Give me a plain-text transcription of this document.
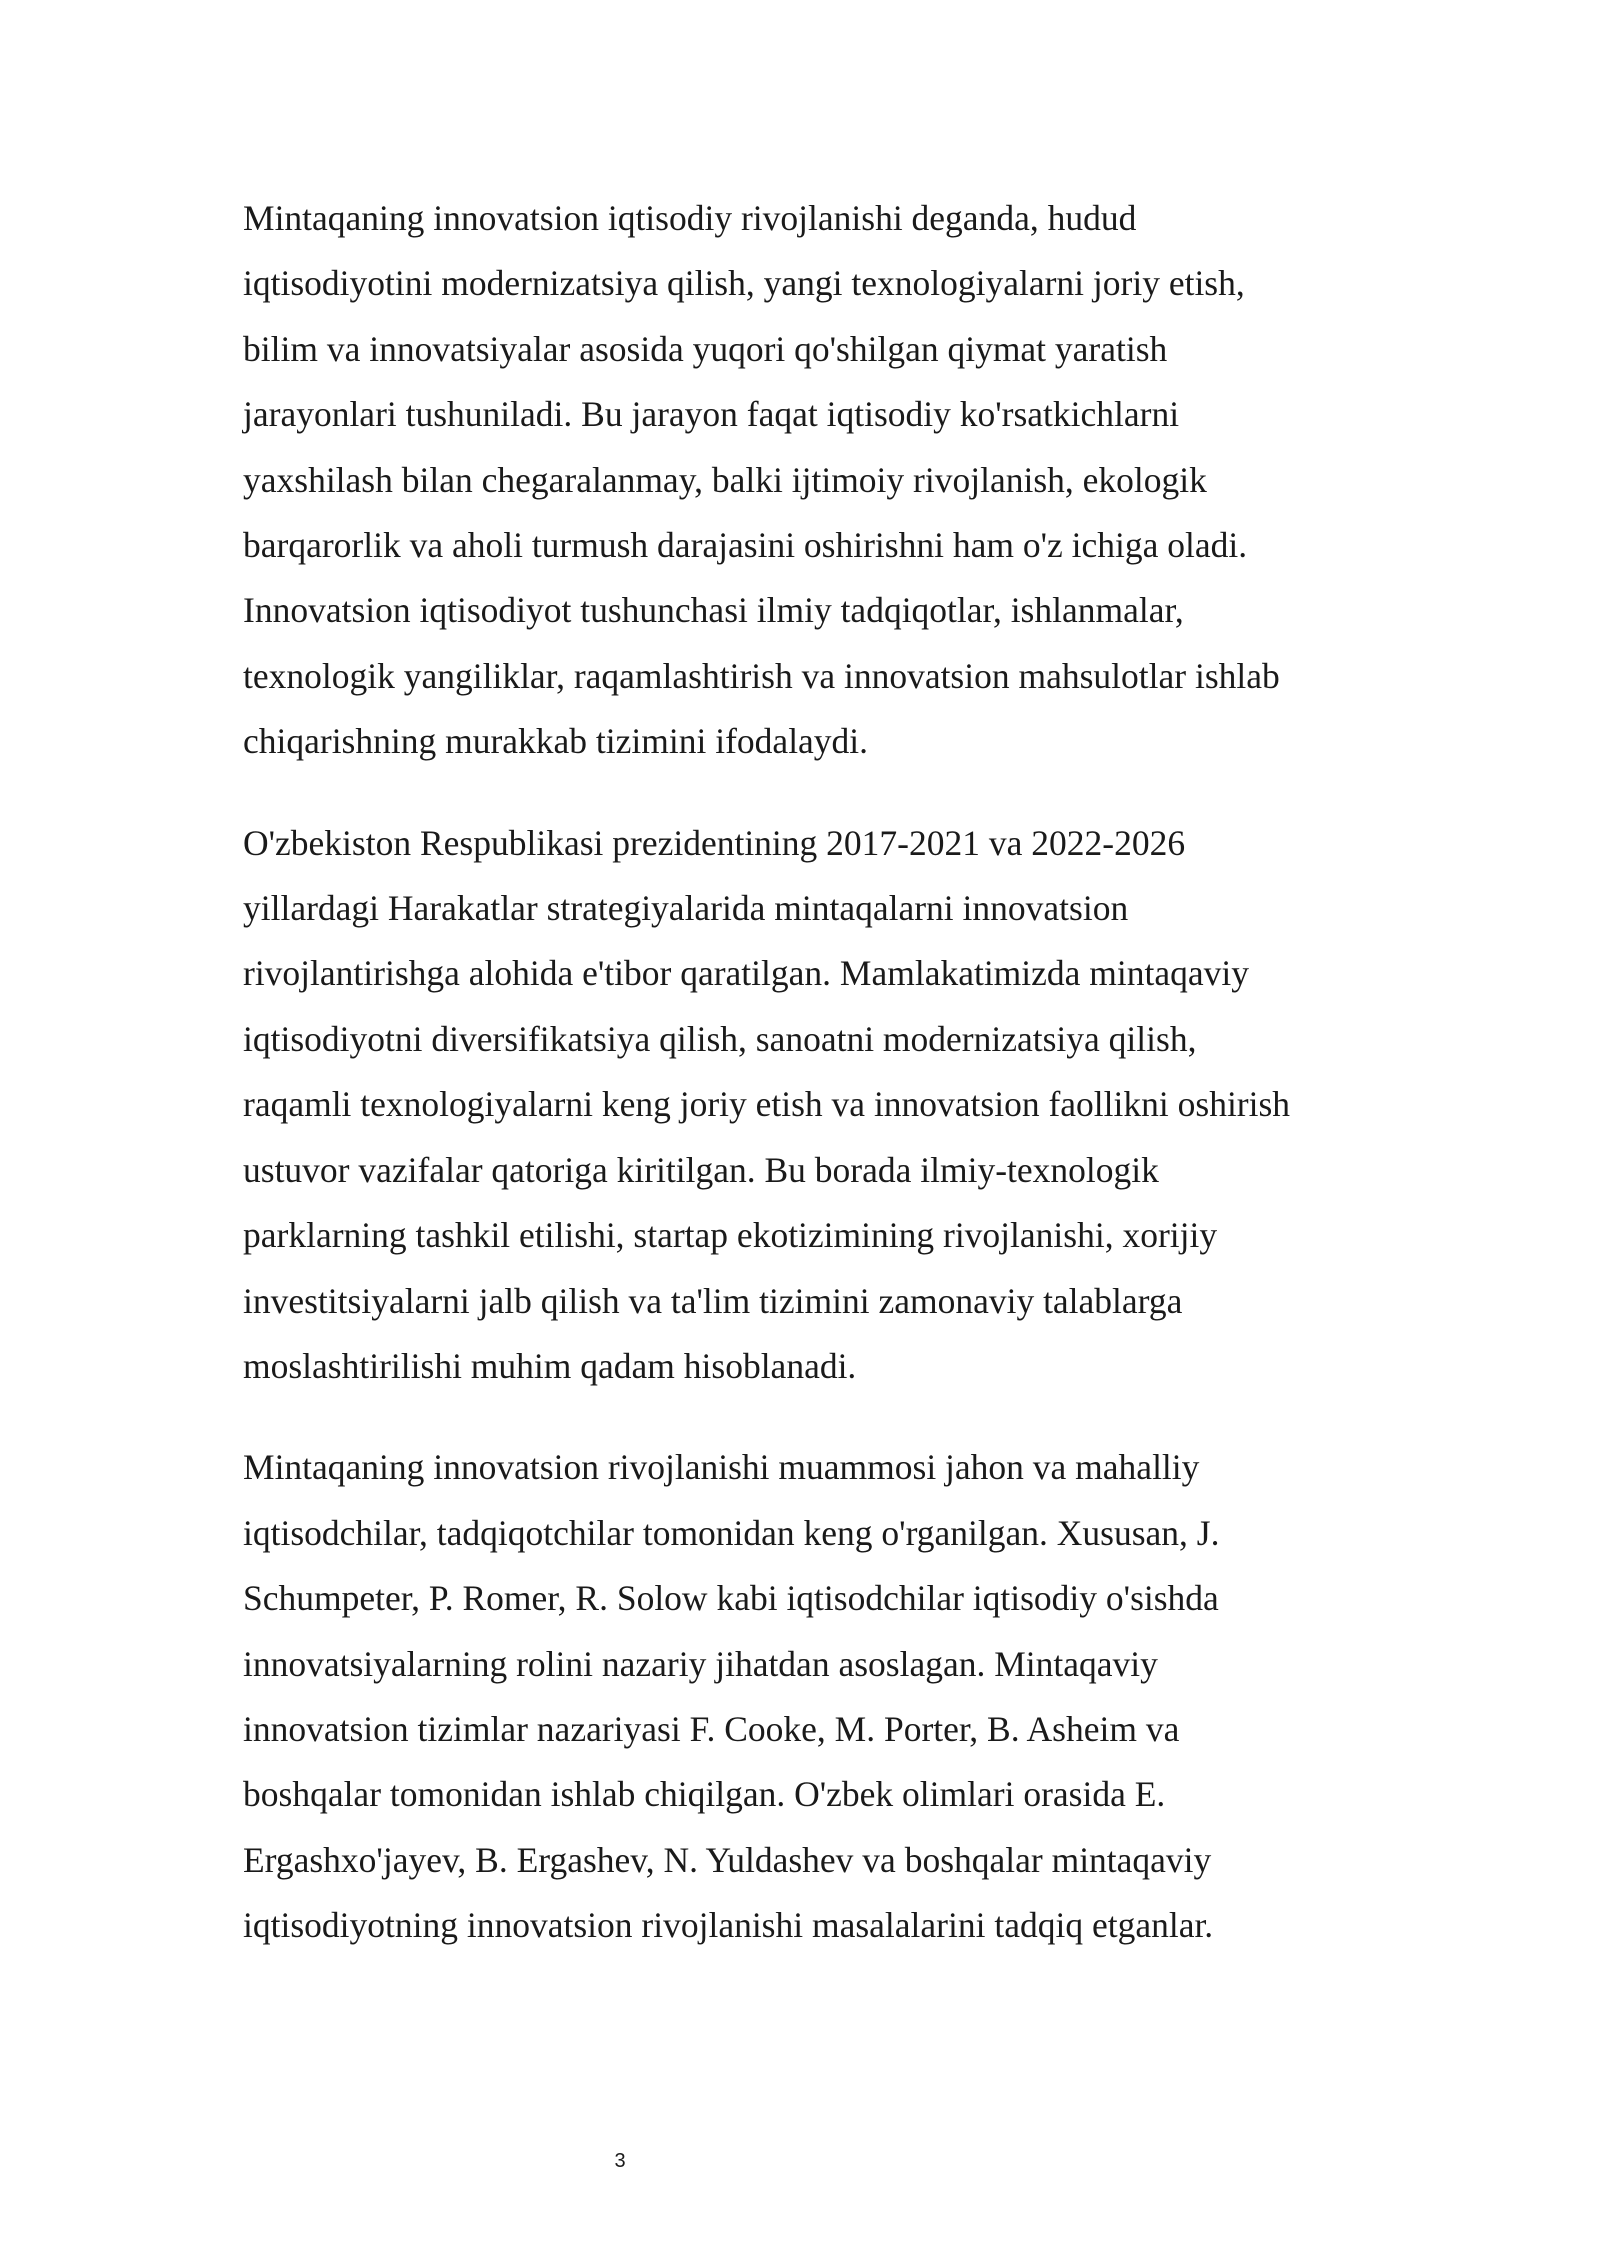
Mintaqaning innovatsion iqtisodiy rivojlanishi deganda, hudud
iqtisodiyotini modernizatsiya qilish, yangi texnologiyalarni joriy etish,
bilim va innovatsiyalar asosida yuqori qo'shilgan qiymat yaratish
jarayonlari tushuniladi. Bu jarayon faqat iqtisodiy ko'rsatkichlarni
yaxshilash bilan chegaralanmay, balki ijtimoiy rivojlanish, ekologik
barqarorlik va aholi turmush darajasini oshirishni ham o'z ichiga oladi.
Innovatsion iqtisodiyot tushunchasi ilmiy tadqiqotlar, ishlanmalar,
texnologik yangiliklar, raqamlashtirish va innovatsion mahsulotlar ishlab
chiqarishning murakkab tizimini ifodalaydi.

O'zbekiston Respublikasi prezidentining 2017-2021 va 2022-2026
yillardagi Harakatlar strategiyalarida mintaqalarni innovatsion
rivojlantirishga alohida e'tibor qaratilgan. Mamlakatimizda mintaqaviy
iqtisodiyotni diversifikatsiya qilish, sanoatni modernizatsiya qilish,
raqamli texnologiyalarni keng joriy etish va innovatsion faollikni oshirish
ustuvor vazifalar qatoriga kiritilgan. Bu borada ilmiy-texnologik
parklarning tashkil etilishi, startap ekotizimining rivojlanishi, xorijiy
investitsiyalarni jalb qilish va ta'lim tizimini zamonaviy talablarga
moslashtirilishi muhim qadam hisoblanadi.

Mintaqaning innovatsion rivojlanishi muammosi jahon va mahalliy
iqtisodchilar, tadqiqotchilar tomonidan keng o'rganilgan. Xususan, J.
Schumpeter, P. Romer, R. Solow kabi iqtisodchilar iqtisodiy o'sishda
innovatsiyalarning rolini nazariy jihatdan asoslagan. Mintaqaviy
innovatsion tizimlar nazariyasi F. Cooke, M. Porter, B. Asheim va
boshqalar tomonidan ishlab chiqilgan. O'zbek olimlari orasida E.
Ergashxo'jayev, B. Ergashev, N. Yuldashev va boshqalar mintaqaviy
iqtisodiyotning innovatsion rivojlanishi masalalarini tadqiq etganlar.

3
